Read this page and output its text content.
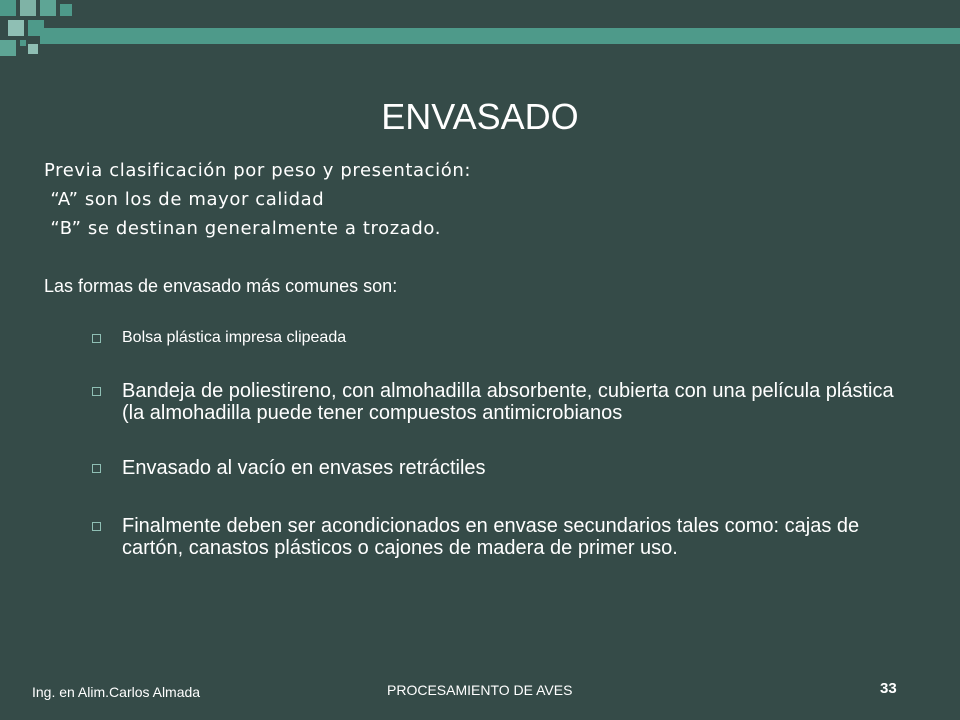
ENVASADO
Previa clasificación por peso y presentación:
“A” son los de mayor calidad
“B” se destinan generalmente a trozado.
Las formas de envasado más comunes son:
Bolsa plástica impresa clipeada
Bandeja de poliestireno, con almohadilla absorbente, cubierta con una película plástica (la almohadilla puede tener compuestos antimicrobianos
Envasado al vacío en envases retráctiles
Finalmente deben ser acondicionados en envase secundarios tales como: cajas de cartón, canastos plásticos o cajones de madera de primer uso.
Ing. en Alim.Carlos Almada	PROCESAMIENTO DE AVES	33
